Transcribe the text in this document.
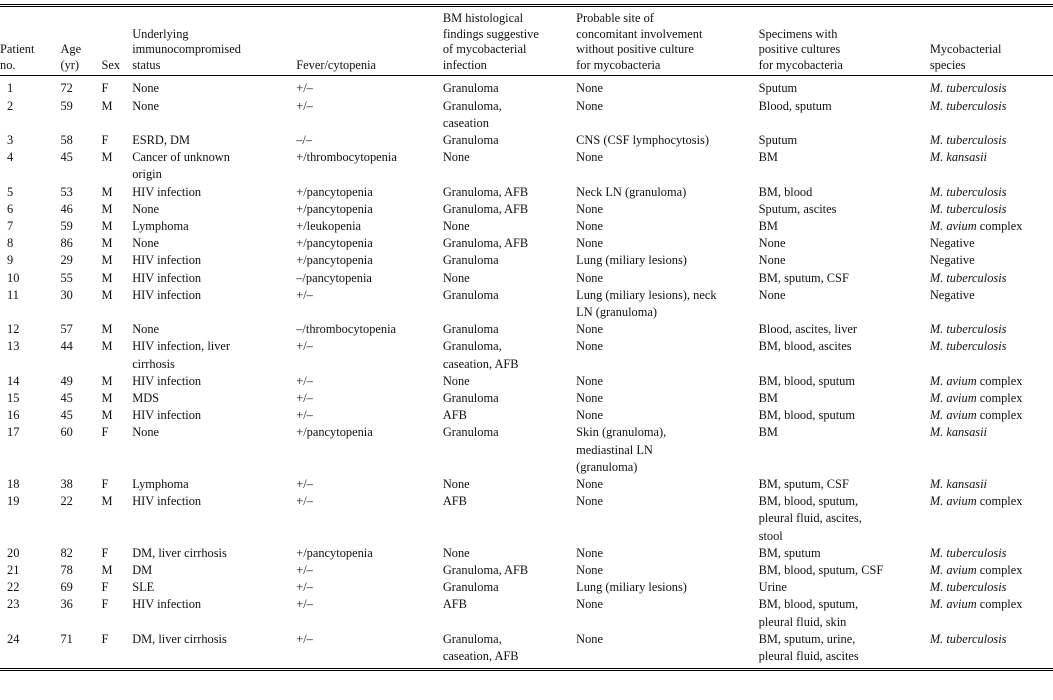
Patient
no.	Age
(yr)	Sex	Underlying
immunocompromised
status	Fever/cytopenia	BM histological
findings suggestive
of mycobacterial
infection	Probable site of
concomitant involvement
without positive culture
for mycobacteria	Specimens with
positive cultures
for mycobacteria	Mycobacterial
species
1	72	F	None	+/–	Granuloma	None	Sputum	M. tuberculosis
2	59	M	None	+/–	Granuloma,
caseation	None	Blood, sputum	M. tuberculosis
3	58	F	ESRD, DM	–/–	Granuloma	CNS (CSF lymphocytosis)	Sputum	M. tuberculosis
4	45	M	Cancer of unknown
origin	+/thrombocytopenia	None	None	BM	M. kansasii
5	53	M	HIV infection	+/pancytopenia	Granuloma, AFB	Neck LN (granuloma)	BM, blood	M. tuberculosis
6	46	M	None	+/pancytopenia	Granuloma, AFB	None	Sputum, ascites	M. tuberculosis
7	59	M	Lymphoma	+/leukopenia	None	None	BM	M. avium complex
8	86	M	None	+/pancytopenia	Granuloma, AFB	None	None	Negative
9	29	M	HIV infection	+/pancytopenia	Granuloma	Lung (miliary lesions)	None	Negative
10	55	M	HIV infection	–/pancytopenia	None	None	BM, sputum, CSF	M. tuberculosis
11	30	M	HIV infection	+/–	Granuloma	Lung (miliary lesions), neck
LN (granuloma)	None	Negative
12	57	M	None	–/thrombocytopenia	Granuloma	None	Blood, ascites, liver	M. tuberculosis
13	44	M	HIV infection, liver
cirrhosis	+/–	Granuloma,
caseation, AFB	None	BM, blood, ascites	M. tuberculosis
14	49	M	HIV infection	+/–	None	None	BM, blood, sputum	M. avium complex
15	45	M	MDS	+/–	Granuloma	None	BM	M. avium complex
16	45	M	HIV infection	+/–	AFB	None	BM, blood, sputum	M. avium complex
17	60	F	None	+/pancytopenia	Granuloma	Skin (granuloma),
mediastinal LN
(granuloma)	BM	M. kansasii
18	38	F	Lymphoma	+/–	None	None	BM, sputum, CSF	M. kansasii
19	22	M	HIV infection	+/–	AFB	None	BM, blood, sputum,
pleural fluid, ascites,
stool	M. avium complex
20	82	F	DM, liver cirrhosis	+/pancytopenia	None	None	BM, sputum	M. tuberculosis
21	78	M	DM	+/–	Granuloma, AFB	None	BM, blood, sputum, CSF	M. avium complex
22	69	F	SLE	+/–	Granuloma	Lung (miliary lesions)	Urine	M. tuberculosis
23	36	F	HIV infection	+/–	AFB	None	BM, blood, sputum,
pleural fluid, skin	M. avium complex
24	71	F	DM, liver cirrhosis	+/–	Granuloma,
caseation, AFB	None	BM, sputum, urine,
pleural fluid, ascites	M. tuberculosis
